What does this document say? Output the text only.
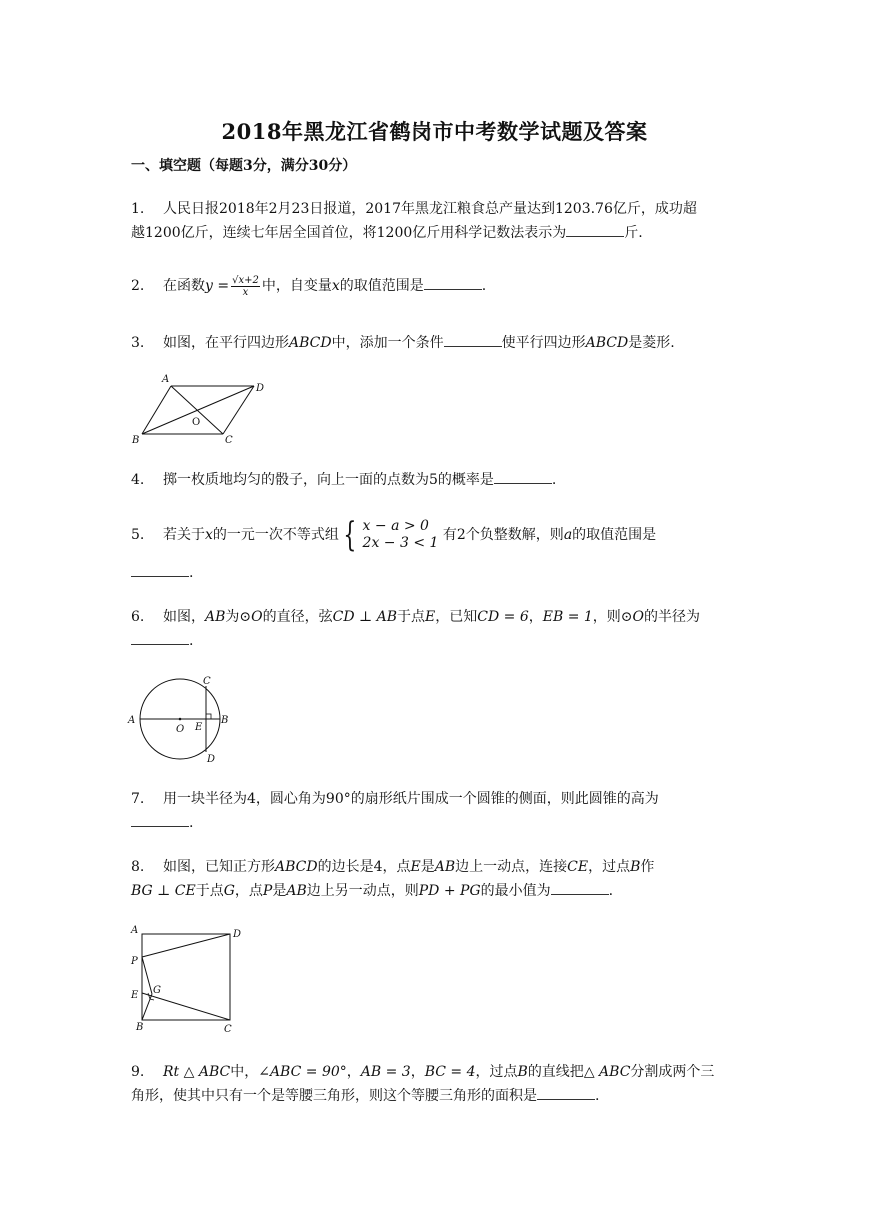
2018年黑龙江省鹤岗市中考数学试题及答案
一、填空题（每题3分，满分30分）
1. 人民日报2018年2月23日报道，2017年黑龙江粮食总产量达到1203.76亿斤，成功超
越1200亿斤，连续七年居全国首位，将1200亿斤用科学记数法表示为	斤.
2. 在函数$y = \frac{√x+2}{x}$ 中，自变量x的取值范围是	.
3. 如图，在平行四边形ABCD中，添加一个条件	使平行四边形ABCD是菱形.
A
D
B	C
O
4. 掷一枚质地均匀的骰子，向上一面的点数为5的概率是	.
5. 若关于x的一元一次不等式组 { x − a > 0
2x − 3 < 1 有2个负整数解，则a的取值范围是
.
6. 如图，AB为⊙O的直径，弦CD ⊥ AB于点E，已知CD = 6，EB = 1，则⊙O的半径为
.
A	B
C
D
O E
7. 用一块半径为4，圆心角为90°的扇形纸片围成一个圆锥的侧面，则此圆锥的高为
.
8. 如图，已知正方形ABCD的边长是4，点E是AB边上一动点，连接CE，过点B作
BG ⊥ CE于点G，点P是AB边上另一动点，则PD + PG的最小值为	.
A	D
P
E G
B	C
9. Rt △ ABC中，∠ABC = 90°，AB = 3，BC = 4，过点B的直线把△ ABC分割成两个三
角形，使其中只有一个是等腰三角形，则这个等腰三角形的面积是	.
